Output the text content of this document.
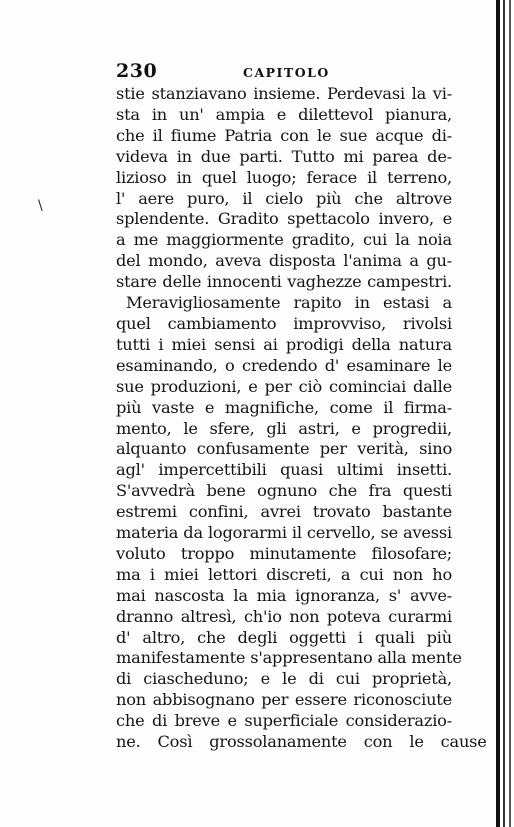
\
230	CAPITOLO
stie stanziavano insieme. Perdevasi la vi-
sta in un' ampia e dilettevol pianura,
che il fiume Patria con le sue acque di-
videva in due parti. Tutto mi parea de-
lizioso in quel luogo; ferace il terreno,
l' aere puro, il cielo più che altrove
splendente. Gradito spettacolo invero, e
a me maggiormente gradito, cui la noia
del mondo, aveva disposta l'anima a gu-
stare delle innocenti vaghezze campestri.
Meravigliosamente rapito in estasi a
quel cambiamento improvviso, rivolsi
tutti i miei sensi ai prodigi della natura
esaminando, o credendo d' esaminare le
sue produzioni, e per ciò cominciai dalle
più vaste e magnifiche, come il firma-
mento, le sfere, gli astri, e progredii,
alquanto confusamente per verità, sino
agl' impercettibili quasi ultimi insetti.
S'avvedrà bene ognuno che fra questi
estremi confini, avrei trovato bastante
materia da logorarmi il cervello, se avessi
voluto troppo minutamente filosofare;
ma i miei lettori discreti, a cui non ho
mai nascosta la mia ignoranza, s' avve-
dranno altresì, ch'io non poteva curarmi
d' altro, che degli oggetti i quali più
manifestamente s'appresentano alla mente
di ciascheduno; e le di cui proprietà,
non abbisognano per essere riconosciute
che di breve e superficiale considerazio-
ne. Così grossolanamente con le cause
